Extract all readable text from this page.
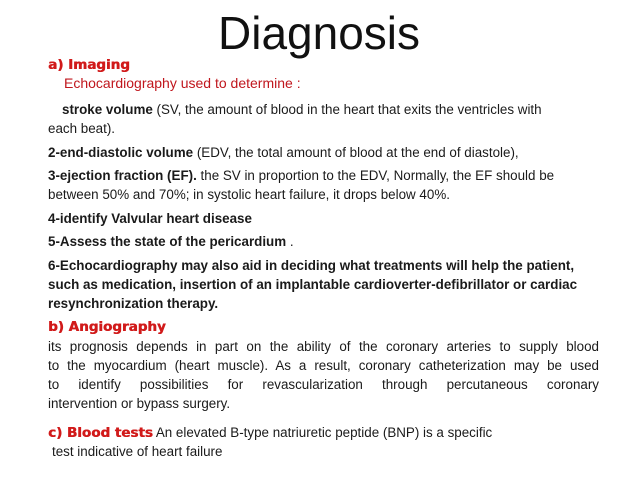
Diagnosis
a) Imaging
Echocardiography used to determine :
stroke volume (SV, the amount of blood in the heart that exits the ventricles with
each beat).
2-end-diastolic volume (EDV, the total amount of blood at the end of diastole),
3-ejection fraction (EF). the SV in proportion to the EDV, Normally, the EF should be
between 50% and 70%; in systolic heart failure, it drops below 40%.
4-identify Valvular heart disease
5-Assess the state of the pericardium .
6-Echocardiography may also aid in deciding what treatments will help the patient,
such as medication, insertion of an implantable cardioverter-defibrillator or cardiac
resynchronization therapy.
b) Angiography
its prognosis depends in part on the ability of the coronary arteries to supply blood
to the myocardium (heart muscle). As a result, coronary catheterization may be used
to identify possibilities for revascularization through percutaneous coronary
intervention or bypass surgery.
c) Blood tests An elevated B-type natriuretic peptide (BNP) is a specific
test indicative of heart failure
